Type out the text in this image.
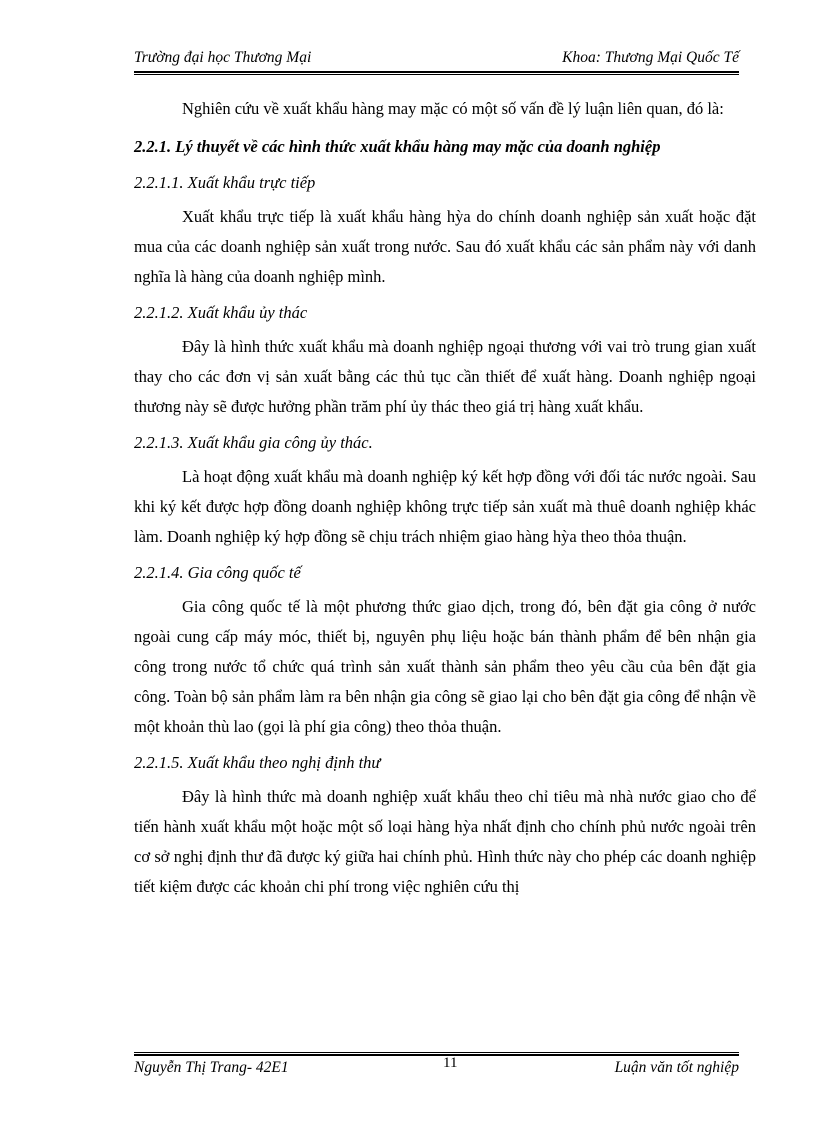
Trường đại học Thương Mại	Khoa: Thương Mại Quốc Tế

Nghiên cứu về xuất khẩu hàng may mặc có một số vấn đề lý luận liên quan, đó là:

2.2.1. Lý thuyết về các hình thức xuất khẩu hàng may mặc của doanh nghiệp
2.2.1.1. Xuất khẩu trực tiếp

Xuất khẩu trực tiếp là xuất khẩu hàng hỳa do chính doanh nghiệp sản xuất hoặc đặt mua của các doanh nghiệp sản xuất trong nước. Sau đó xuất khẩu các sản phẩm này với danh nghĩa là hàng của doanh nghiệp mình.

2.2.1.2. Xuất khẩu ủy thác

Đây là hình thức xuất khẩu mà doanh nghiệp ngoại thương với vai trò trung gian xuất thay cho các đơn vị sản xuất bằng các thủ tục cần thiết để xuất hàng. Doanh nghiệp ngoại thương này sẽ được hưởng phần trăm phí ủy thác theo giá trị hàng xuất khẩu.

2.2.1.3. Xuất khẩu gia công ủy thác.

Là hoạt động xuất khẩu mà doanh nghiệp ký kết hợp đồng với đối tác nước ngoài. Sau khi ký kết được hợp đồng doanh nghiệp không trực tiếp sản xuất mà thuê doanh nghiệp khác làm. Doanh nghiệp ký hợp đồng sẽ chịu trách nhiệm giao hàng hỳa theo thỏa thuận.

2.2.1.4. Gia công quốc tế

Gia công quốc tế là một phương thức giao dịch, trong đó, bên đặt gia công ở nước ngoài cung cấp máy móc, thiết bị, nguyên phụ liệu hoặc bán thành phẩm để bên nhận gia công trong nước tổ chức quá trình sản xuất thành sản phẩm theo yêu cầu của bên đặt gia công. Toàn bộ sản phẩm làm ra bên nhận gia công sẽ giao lại cho bên đặt gia công để nhận về một khoản thù lao (gọi là phí gia công) theo thỏa thuận.

2.2.1.5. Xuất khẩu theo nghị định thư

Đây là hình thức mà doanh nghiệp xuất khẩu theo chỉ tiêu mà nhà nước giao cho để tiến hành xuất khẩu một hoặc một số loại hàng hỳa nhất định cho chính phủ nước ngoài trên cơ sở nghị định thư đã được ký giữa hai chính phủ. Hình thức này cho phép các doanh nghiệp tiết kiệm được các khoản chi phí trong việc nghiên cứu thị

Nguyễn Thị Trang- 42E1	11	Luận văn tốt nghiệp
